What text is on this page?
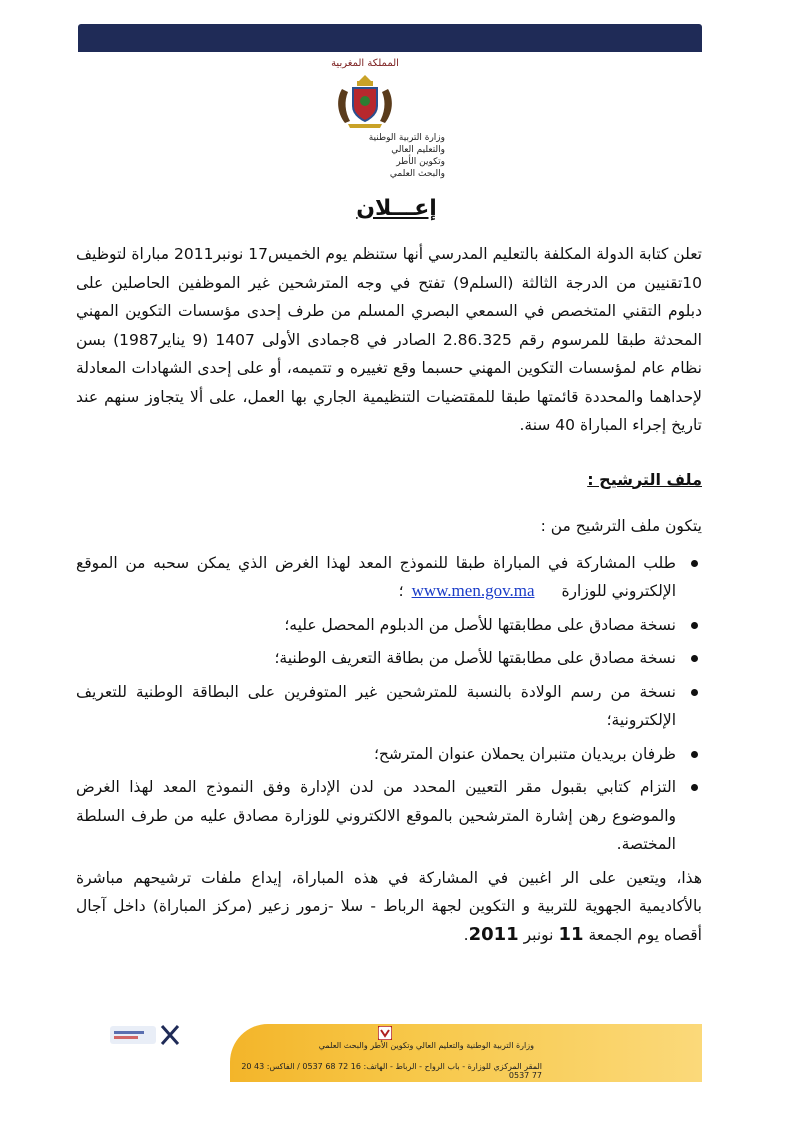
المملكة المغربية
وزارة التربية الوطنية
والتعليم العالي
وتكوين الأطر
والبحث العلمي
إعـــلان

تعلن كتابة الدولة المكلفة بالتعليم المدرسي أنها ستنظم يوم الخميس17 نونبر2011 مباراة لتوظيف 10تقنيين من الدرجة الثالثة (السلم9) تفتح في وجه المترشحين غير الموظفين الحاصلين على دبلوم التقني المتخصص في السمعي البصري المسلم من طرف إحدى مؤسسات التكوين المهني المحدثة طبقا للمرسوم رقم 2.86.325 الصادر في 8جمادى الأولى 1407 (9 يناير1987) بسن نظام عام لمؤسسات التكوين المهني حسبما وقع تغييره و تتميمه، أو على إحدى الشهادات المعادلة لإحداهما والمحددة قائمتها طبقا للمقتضيات التنظيمية الجاري بها العمل، على ألا يتجاوز سنهم عند تاريخ إجراء المباراة 40 سنة.

ملف الترشيح :

يتكون ملف الترشيح من :

طلب المشاركة في المباراة طبقا للنموذج المعد لهذا الغرض الذي يمكن سحبه من الموقع الإلكتروني للوزارة www.men.gov.ma؛
نسخة مصادق على مطابقتها للأصل من الدبلوم المحصل عليه؛
نسخة مصادق على مطابقتها للأصل من بطاقة التعريف الوطنية؛
نسخة من رسم الولادة بالنسبة للمترشحين غير المتوفرين على البطاقة الوطنية للتعريف الإلكترونية؛
ظرفان بريديان متنبران يحملان عنوان المترشح؛
التزام كتابي بقبول مقر التعيين المحدد من لدن الإدارة وفق النموذج المعد لهذا الغرض والموضوع رهن إشارة المترشحين بالموقع الالكتروني للوزارة مصادق عليه من طرف السلطة المختصة.

هذا، ويتعين على الر اغبين في المشاركة في هذه المباراة، إيداع ملفات ترشيحهم مباشرة بالأكاديمية الجهوية للتربية و التكوين لجهة الرباط - سلا -زمور زعير (مركز المباراة) داخل آجال أقصاه يوم الجمعة 11 نونبر 2011.

وزارة التربية الوطنية والتعليم العالي وتكوين الأطر والبحث العلمي
المقر المركزي للوزارة - باب الرواح - الرباط - الهاتف: 16 72 68 0537 / الفاكس: 43 20 77 0537
